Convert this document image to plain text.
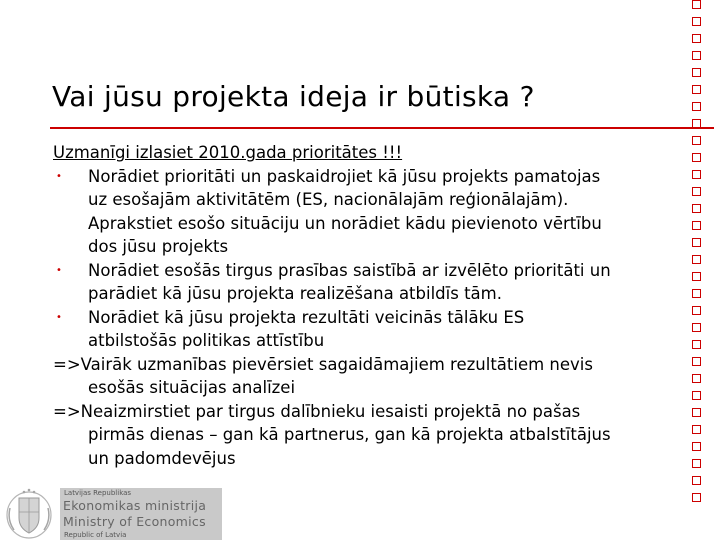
Vai jūsu projekta ideja ir būtiska ?
Uzmanīgi izlasiet 2010.gada prioritātes !!!
• Norādiet prioritāti un paskaidrojiet kā jūsu projekts pamatojas
uz esošajām aktivitātēm (ES, nacionālajām reģionālajām).
Aprakstiet esošo situāciju un norādiet kādu pievienoto vērtību
dos jūsu projekts
• Norādiet esošās tirgus prasības saistībā ar izvēlēto prioritāti un
parādiet kā jūsu projekta realizēšana atbildīs tām.
• Norādiet kā jūsu projekta rezultāti veicinās tālāku ES
atbilstošās politikas attīstību
=>Vairāk uzmanības pievērsiet sagaidāmajiem rezultātiem nevis
esošās situācijas analīzei
=>Neaizmirstiet par tirgus dalībnieku iesaisti projektā no pašas
pirmās dienas – gan kā partnerus, gan kā projekta atbalstītājus
un padomdevējus
Latvijas Republikas
Ekonomikas ministrija
Ministry of Economics
Republic of Latvia
